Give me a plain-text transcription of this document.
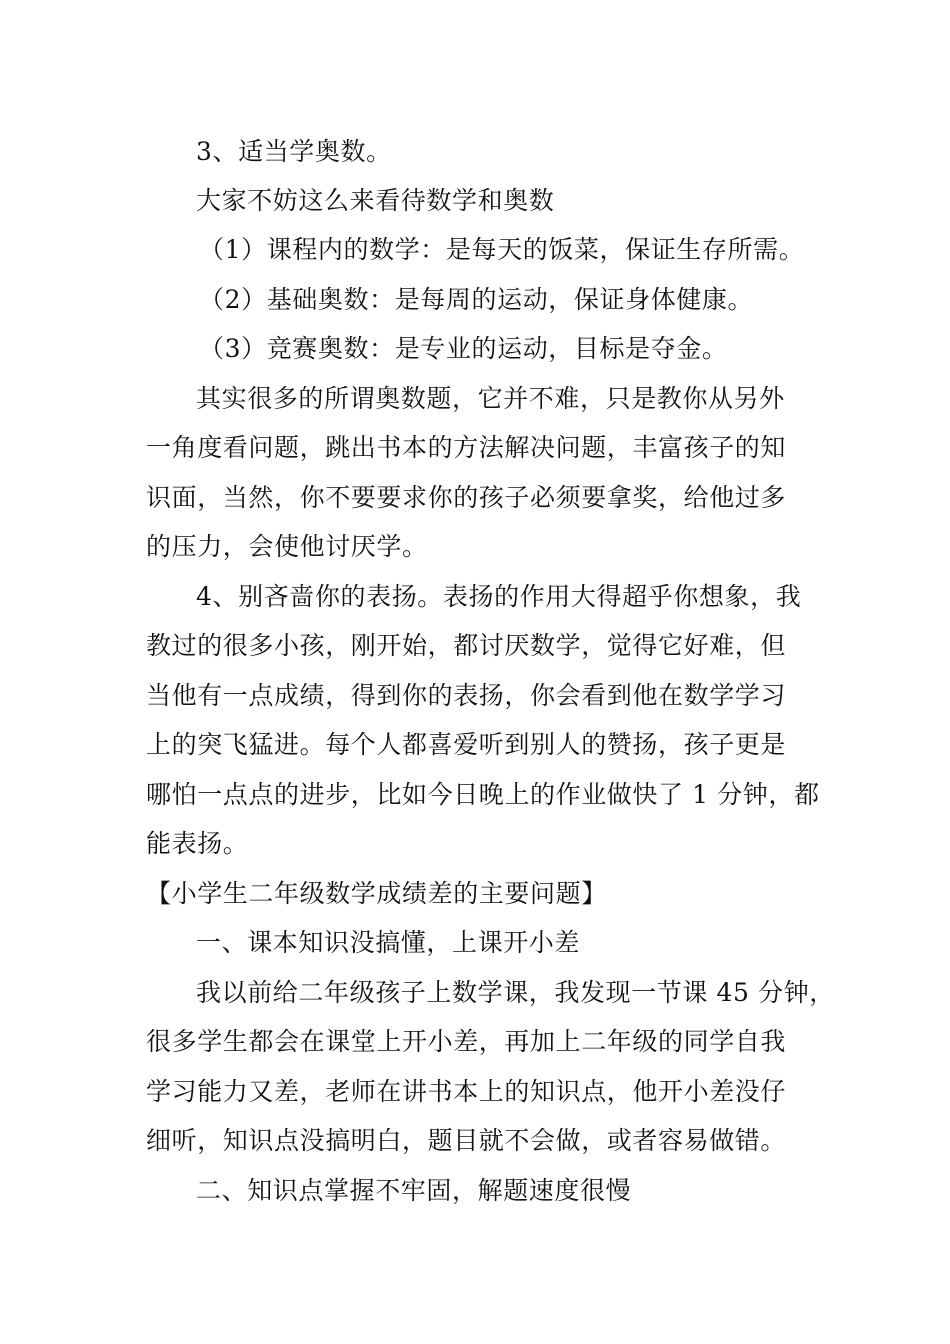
3、适当学奥数。

大家不妨这么来看待数学和奥数

（1）课程内的数学：是每天的饭菜，保证生存所需。

（2）基础奥数：是每周的运动，保证身体健康。

（3）竞赛奥数：是专业的运动，目标是夺金。

其实很多的所谓奥数题，它并不难，只是教你从另外

一角度看问题，跳出书本的方法解决问题，丰富孩子的知

识面，当然，你不要要求你的孩子必须要拿奖，给他过多

的压力，会使他讨厌学。

4、别吝啬你的表扬。表扬的作用大得超乎你想象，我

教过的很多小孩，刚开始，都讨厌数学，觉得它好难，但

当他有一点成绩，得到你的表扬，你会看到他在数学学习

上的突飞猛进。每个人都喜爱听到别人的赞扬，孩子更是

哪怕一点点的进步，比如今日晚上的作业做快了 1 分钟，都

能表扬。

【小学生二年级数学成绩差的主要问题】

一、课本知识没搞懂，上课开小差

我以前给二年级孩子上数学课，我发现一节课 45 分钟，

很多学生都会在课堂上开小差，再加上二年级的同学自我

学习能力又差，老师在讲书本上的知识点，他开小差没仔

细听，知识点没搞明白，题目就不会做，或者容易做错。

二、知识点掌握不牢固，解题速度很慢
